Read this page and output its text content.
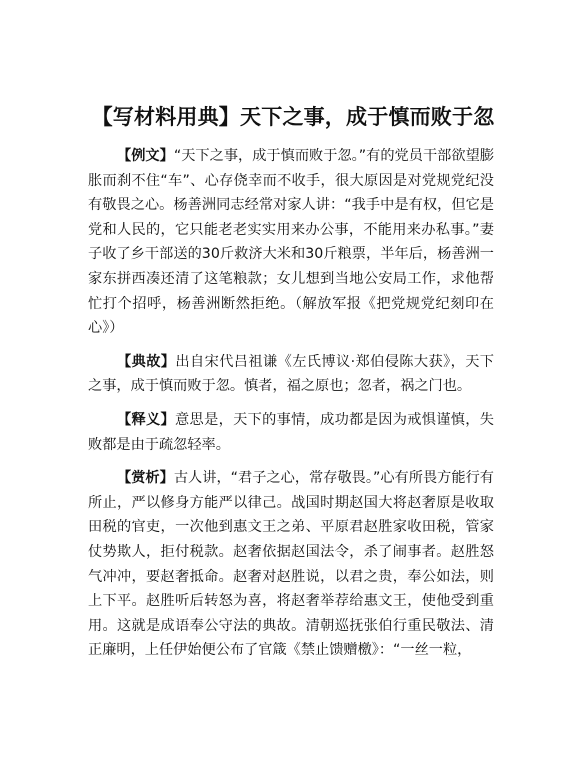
【写材料用典】天下之事，成于慎而败于忽

【例文】“天下之事，成于慎而败于忽。”有的党员干部欲望膨胀而刹不住“车”、心存侥幸而不收手，很大原因是对党规党纪没有敬畏之心。杨善洲同志经常对家人讲：“我手中是有权，但它是党和人民的，它只能老老实实用来办公事，不能用来办私事。”妻子收了乡干部送的30斤救济大米和30斤粮票，半年后，杨善洲一家东拼西凑还清了这笔粮款；女儿想到当地公安局工作，求他帮忙打个招呼，杨善洲断然拒绝。（解放军报《把党规党纪刻印在心》）

【典故】出自宋代吕祖谦《左氏博议·郑伯侵陈大获》，天下之事，成于慎而败于忽。慎者，福之原也；忽者，祸之门也。

【释义】意思是，天下的事情，成功都是因为戒惧谨慎，失败都是由于疏忽轻率。

【赏析】古人讲，“君子之心，常存敬畏。”心有所畏方能行有所止，严以修身方能严以律己。战国时期赵国大将赵奢原是收取田税的官吏，一次他到惠文王之弟、平原君赵胜家收田税，管家仗势欺人，拒付税款。赵奢依据赵国法令，杀了闹事者。赵胜怒气冲冲，要赵奢抵命。赵奢对赵胜说，以君之贵，奉公如法，则上下平。赵胜听后转怒为喜，将赵奢举荐给惠文王，使他受到重用。这就是成语奉公守法的典故。清朝巡抚张伯行重民敬法、清正廉明，上任伊始便公布了官箴《禁止馈赠檄》：“一丝一粒，
